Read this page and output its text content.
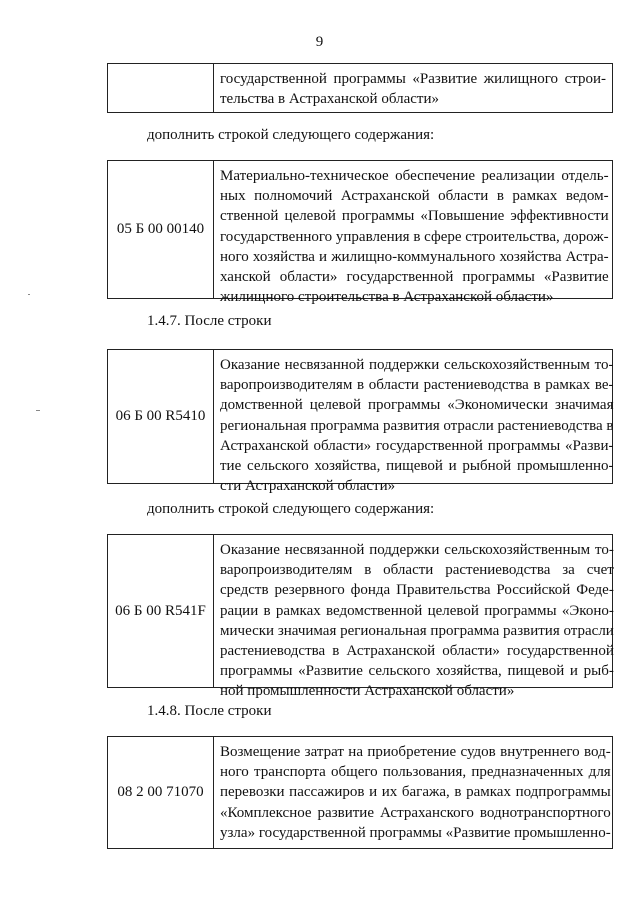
9
государственной программы «Развитие жилищного строи-
тельства в Астраханской области»
дополнить строкой следующего содержания:
05 Б 00 00140
Материально-техническое обеспечение реализации отдель-
ных полномочий Астраханской области в рамках ведом-
ственной целевой программы «Повышение эффективности
государственного управления в сфере строительства, дорож-
ного хозяйства и жилищно-коммунального хозяйства Астра-
ханской области» государственной программы «Развитие
жилищного строительства в Астраханской области»
1.4.7. После строки
06 Б 00 R5410
Оказание несвязанной поддержки сельскохозяйственным то-
варопроизводителям в области растениеводства в рамках ве-
домственной целевой программы «Экономически значимая
региональная программа развития отрасли растениеводства в
Астраханской области» государственной программы «Разви-
тие сельского хозяйства, пищевой и рыбной промышленно-
сти Астраханской области»
дополнить строкой следующего содержания:
06 Б 00 R541F
Оказание несвязанной поддержки сельскохозяйственным то-
варопроизводителям в области растениеводства за счет
средств резервного фонда Правительства Российской Феде-
рации в рамках ведомственной целевой программы «Эконо-
мически значимая региональная программа развития отрасли
растениеводства в Астраханской области» государственной
программы «Развитие сельского хозяйства, пищевой и рыб-
ной промышленности Астраханской области»
1.4.8. После строки
08 2 00 71070
Возмещение затрат на приобретение судов внутреннего вод-
ного транспорта общего пользования, предназначенных для
перевозки пассажиров и их багажа, в рамках подпрограммы
«Комплексное развитие Астраханского воднотранспортного
узла» государственной программы «Развитие промышленно-
